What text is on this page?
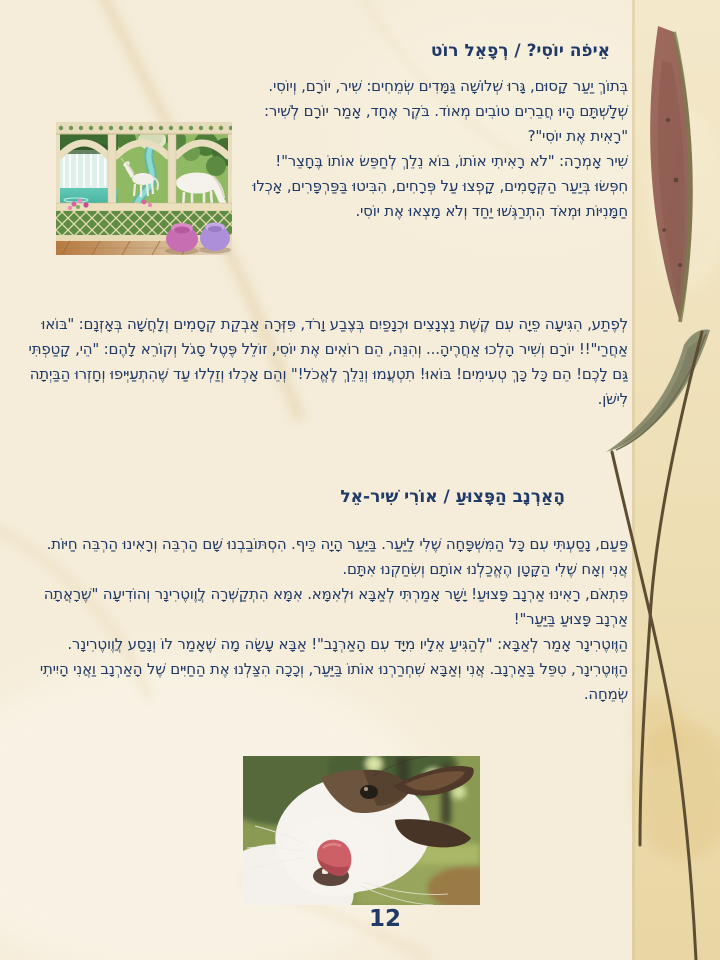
אֵיפֹה יוֹסִי? / רְפָאֵל רוֹט

בְּתוֹךְ יַעַר קָסוּם, גָּרוּ שְׁלוֹשָׁה גַּמָּדִים שְׂמֵחִים: שִׁיר, יוֹרָם, וְיוֹסִי.

שְׁלָשְׁתָּם הָיוּ חֲבֵרִים טוֹבִים מְאוֹד. בֹּקֶר אֶחָד, אָמַר יוֹרָם לְשִׁיר: "רָאִית אֶת יוֹסִי"?

שִׁיר אָמְרָה: "לֹא רָאִיתִי אוֹתוֹ, בּוֹא נֵלֵךְ לְחַפֵּשׂ אוֹתוֹ בֶּחָצֵר"!

חִפְּשׂוּ בְּיַעַר הַקְּסָמִים, קָפְצוּ עַל פְּרָחִים, הִבִּיטוּ בַּפַּרְפָּרִים, אָכְלוּ חַמָּנִיּוֹת וּמְאֹד הִתְרַגְּשׁוּ יַחַד וְלֹא מָצְאוּ אֶת יוֹסִי.

לְפֶתַע, הִגִּיעָה פֵיָה עִם קֶשֶׁת נַצְנָצִים וּכְנָפַיִם בְּצֶבַע וָרֹד, פִּזְּרָה אַבְקַת קְסָמִים וְלָחֲשָׁה בְּאָזְנָם: "בּוֹאוּ אַחֲרַי"!! יוֹרָם וְשִׁיר הָלְכוּ אַחֲרֶיהָ... וְהִנֵּה, הֵם רוֹאִים אֶת יוֹסִי, זוֹלֵל פֶּטֶל סָגֹל וְקוֹרֵא לָהֶם: "הֵי, קָטַפְתִּי גַּם לָכֶם! הֵם כָּל כָּךְ טְעִימִים! בּוֹאוּ! תִטְעֲמוּ וְנֵלֵךְ לֶאֱכֹל!" וְהֵם אָכְלוּ וְזַלְלוּ עַד שֶׁהִתְעַיְּיפוּ וְחָזְרוּ הַבַּיְתָה לִישֹׁן.

הָאַרְנָב הַפָּצוּעַ / אוֹרִי שִׁיר-אֵל

פַּעַם, נָסַעְתִּי עִם כָּל הַמִּשְׁפָּחָה שֶׁלִי לַיַּעַר. בַּיַּעַר הָיָה כֵּיף. הִסְתּוֹבַבְנוּ שָׁם הַרְבֵּה וְרָאִינוּ הַרְבֵּה חַיּוֹת. אֲנִי וְאָח שֶׁלִי הַקָּטָן הֶאֱכַלְנוּ אוֹתָם וְשִׂחַקְנוּ אִתָּם.

פִּתְאֹם, רָאִינוּ אַרְנָב פָּצוּעַ! יָשָׁר אָמַרְתִּי לְאַבָּא וּלְאִמָּא. אִמָּא הִתְקַשְּׁרָה לֲוֶוטֶרִינָר וְהוֹדִיעָה "שֶׁרָאֲתָה אַרְנָב פָּצוּעַ בַּיַּעַר"!

הַוֶּוטֶרִינָר אָמַר לְאַבָּא: "לְהַגִּיעַ אֵלָיו מִיָּד עִם הָאַרְנָב"! אַבָּא עָשָׂה מָה שֶׁאָמַר לוֹ וְנָסַע לֲוֶוטֶרִינָר.

הַוֶּוטֶרִינָר, טִפֵּל בַּאַרְנָב. אֲנִי וְאַבָּא שִׁחְרַרְנוּ אוֹתוֹ בַּיַּעַר, וְכָכָה הִצַּלְנוּ אֶת הַחַיִּים שֶׁל הָאַרְנָב וַאֲנִי הָיִיתִי שְׂמֵחָה.

12
